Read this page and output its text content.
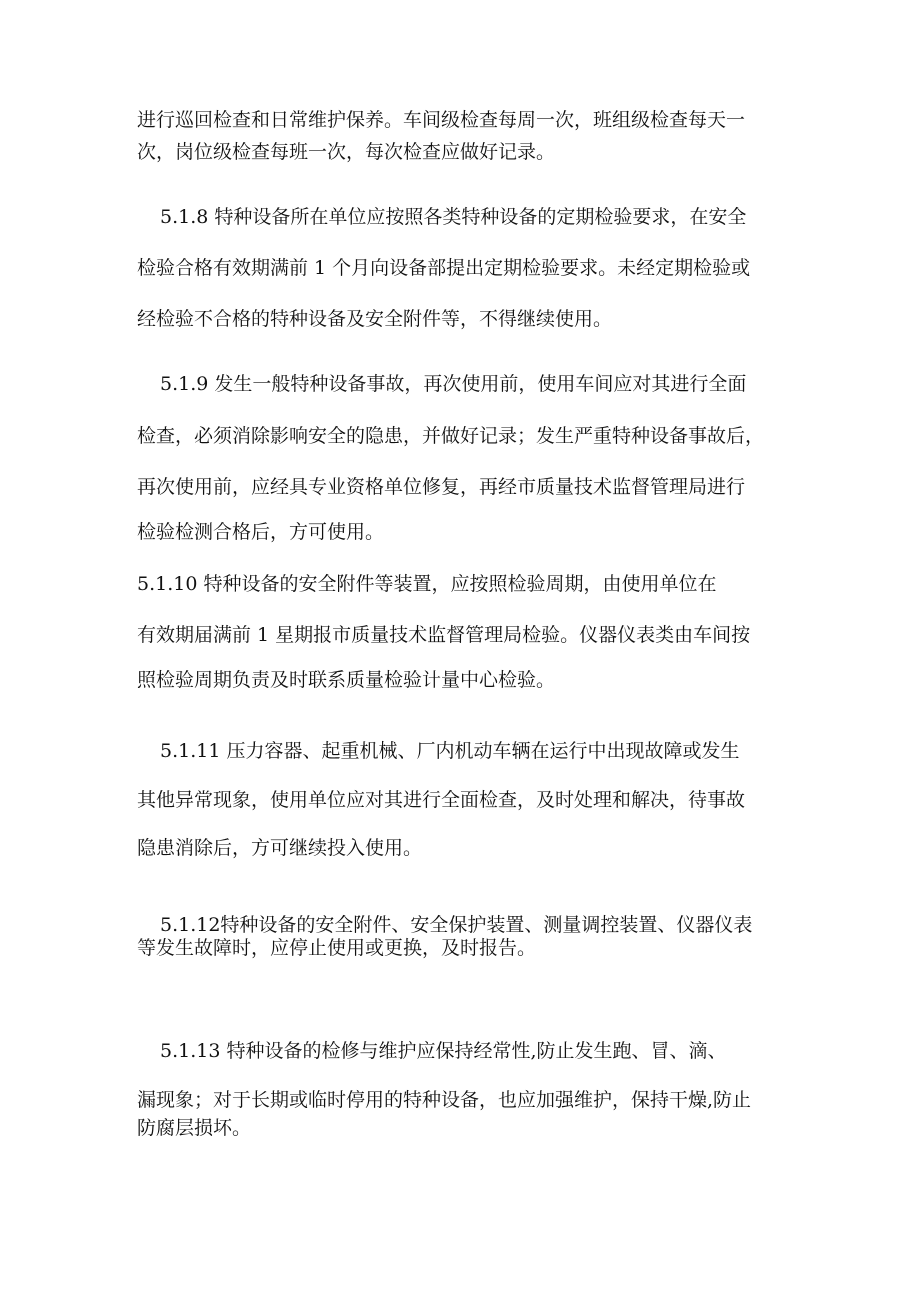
进行巡回检查和日常维护保养。车间级检查每周一次，班组级检查每天一
次，岗位级检查每班一次，每次检查应做好记录。
5.1.8 特种设备所在单位应按照各类特种设备的定期检验要求，在安全
检验合格有效期满前 1 个月向设备部提出定期检验要求。未经定期检验或
经检验不合格的特种设备及安全附件等，不得继续使用。
5.1.9 发生一般特种设备事故，再次使用前，使用车间应对其进行全面
检查，必须消除影响安全的隐患，并做好记录；发生严重特种设备事故后，
再次使用前，应经具专业资格单位修复，再经市质量技术监督管理局进行
检验检测合格后，方可使用。
5.1.10 特种设备的安全附件等装置，应按照检验周期，由使用单位在
有效期届满前 1 星期报市质量技术监督管理局检验。仪器仪表类由车间按
照检验周期负责及时联系质量检验计量中心检验。
5.1.11 压力容器、起重机械、厂内机动车辆在运行中出现故障或发生
其他异常现象，使用单位应对其进行全面检查，及时处理和解决，待事故
隐患消除后，方可继续投入使用。
5.1.12特种设备的安全附件、安全保护装置、测量调控装置、仪器仪表
等发生故障时，应停止使用或更换，及时报告。
5.1.13 特种设备的检修与维护应保持经常性,防止发生跑、冒、滴、
漏现象；对于长期或临时停用的特种设备，也应加强维护，保持干燥,防止
防腐层损坏。
